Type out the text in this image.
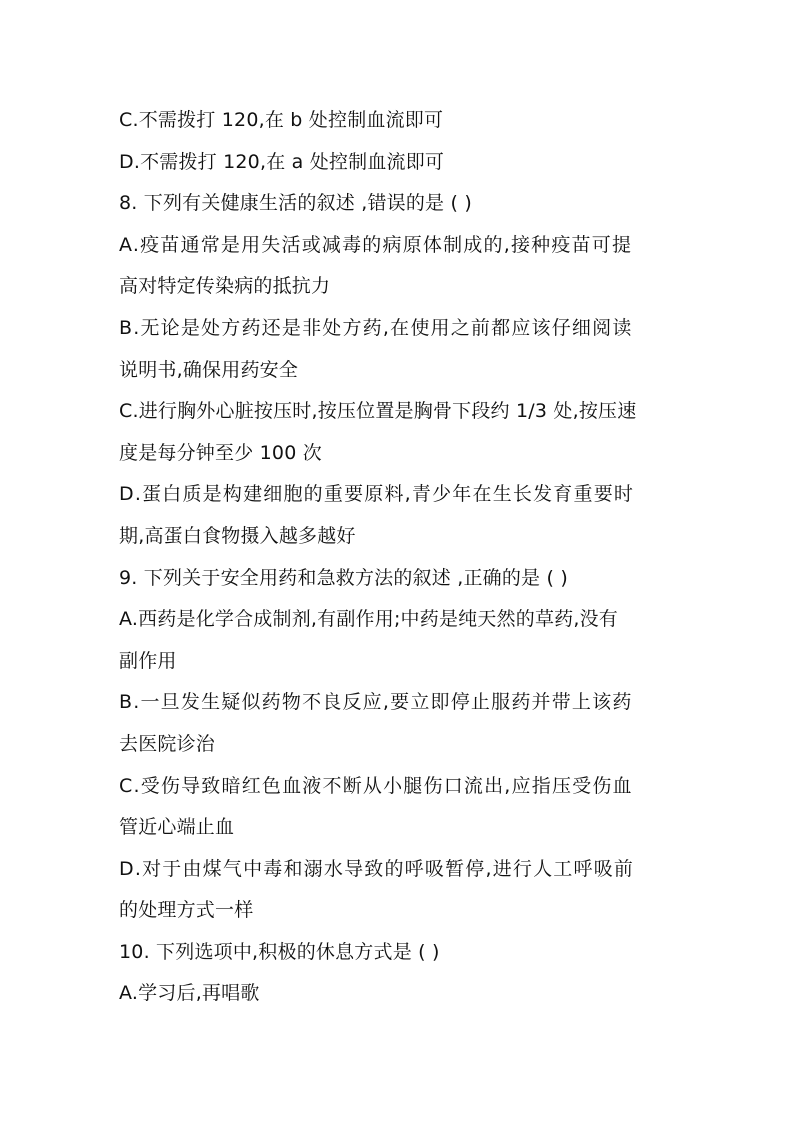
C.不需拨打 120,在 b 处控制血流即可
D.不需拨打 120,在 a 处控制血流即可
8. 下列有关健康生活的叙述 ,错误的是 ( )
A.疫苗通常是用失活或减毒的病原体制成的,接种疫苗可提
高对特定传染病的抵抗力
B.无论是处方药还是非处方药,在使用之前都应该仔细阅读
说明书,确保用药安全
C.进行胸外心脏按压时,按压位置是胸骨下段约 1/3 处,按压速
度是每分钟至少 100 次
D.蛋白质是构建细胞的重要原料,青少年在生长发育重要时
期,高蛋白食物摄入越多越好
9. 下列关于安全用药和急救方法的叙述 ,正确的是 ( )
A.西药是化学合成制剂,有副作用;中药是纯天然的草药,没有
副作用
B.一旦发生疑似药物不良反应,要立即停止服药并带上该药
去医院诊治
C.受伤导致暗红色血液不断从小腿伤口流出,应指压受伤血
管近心端止血
D.对于由煤气中毒和溺水导致的呼吸暂停,进行人工呼吸前
的处理方式一样
10. 下列选项中,积极的休息方式是 ( )
A.学习后,再唱歌
